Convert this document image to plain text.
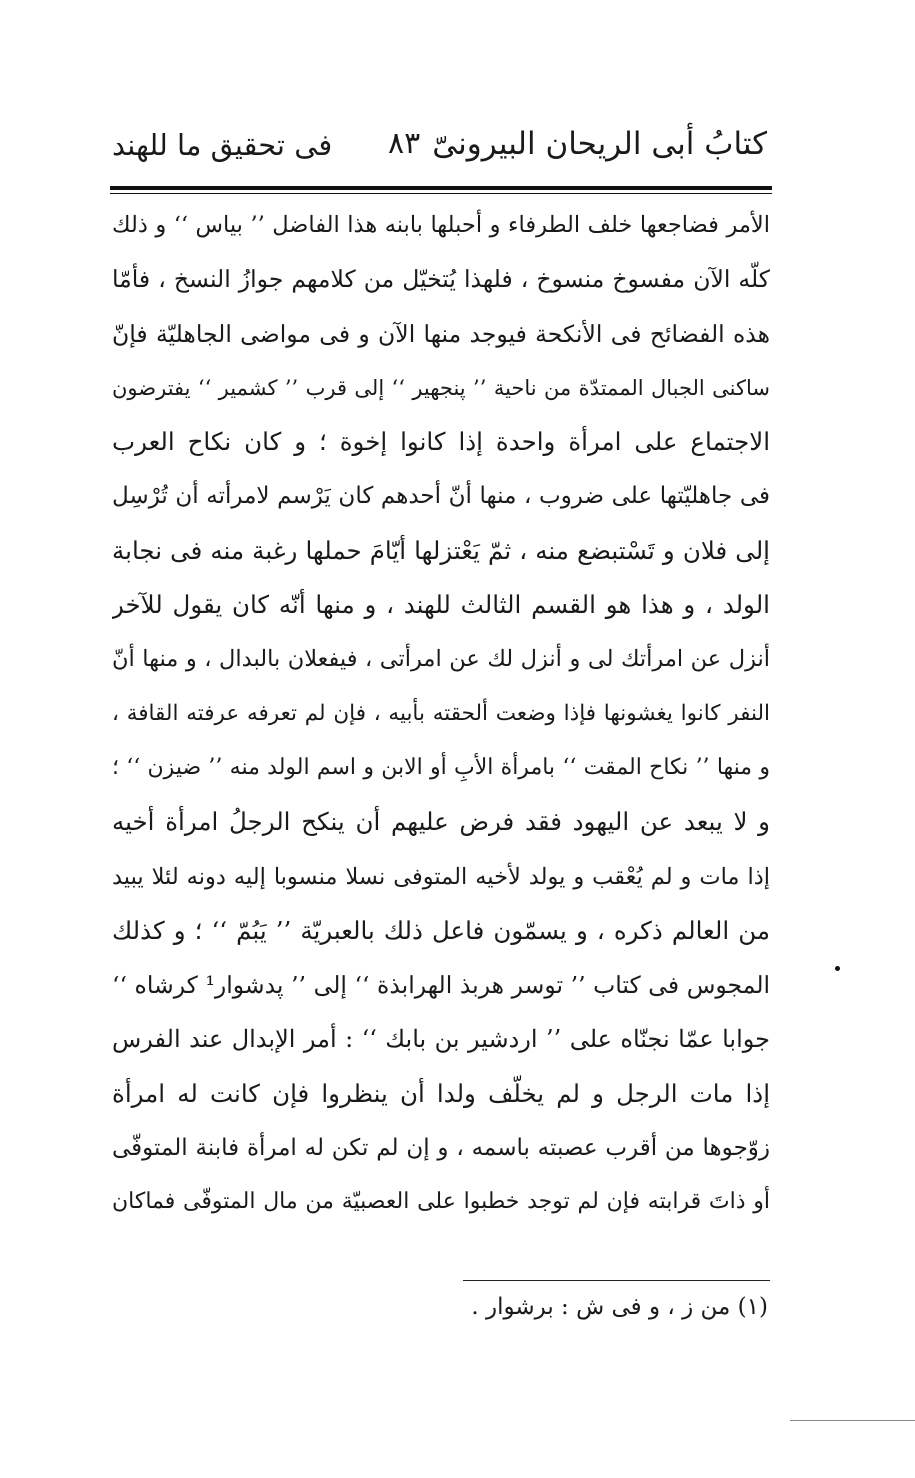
كتابُ أبى الريحان البيرونىّ
٨٣
فى تحقيق ما للهند
الأمر فضاجعها خلف الطرفاء و أحبلها بابنه هذا الفاضل ’’ بياس ‘‘ و ذلك
كلّه الآن مفسوخ منسوخ ، فلهذا يُتخيّل من كلامهم جوازُ النسخ ، فأمّا
هذه الفضائح فى الأنكحة فيوجد منها الآن و فى مواضى الجاهليّة فإنّ
ساكنى الجبال الممتدّة من ناحية ’’ پنجهير ‘‘ إلى قرب ’’ كشمير ‘‘ يفترضون
الاجتماع على امرأة واحدة إذا كانوا إخوة ؛ و كان نكاح العرب
فى جاهليّتها على ضروب ، منها أنّ أحدهم كان يَرْسم لامرأته أن تُرْسِل
إلى فلان و تَسْتبضع منه ، ثمّ يَعْتزلها أيّامَ حملها رغبة منه فى نجابة
الولد ، و هذا هو القسم الثالث للهند ، و منها أنّه كان يقول للآخر
أنزل عن امرأتك لى و أنزل لك عن امرأتى ، فيفعلان بالبدال ، و منها أنّ
النفر كانوا يغشونها فإذا وضعت ألحقته بأبيه ، فإن لم تعرفه عرفته القافة ،
و منها ’’ نكاح المقت ‘‘ بامرأة الأبِ أو الابن و اسم الولد منه ’’ ضيزن ‘‘ ؛
و لا يبعد عن اليهود فقد فرض عليهم أن ينكح الرجلُ امرأة أخيه
إذا مات و لم يُعْقب و يولد لأخيه المتوفى نسلا منسوبا إليه دونه لئلا يبيد
من العالم ذكره ، و يسمّون فاعل ذلك بالعبريّة ’’ يَبُمّ ‘‘ ؛ و كذلك
المجوس فى كتاب ’’ توسر هربذ الهرابذة ‘‘ إلى ’’ پدشوار¹ كرشاه ‘‘
جوابا عمّا نجنّاه على ’’ اردشير بن بابك ‘‘ : أمر الإبدال عند الفرس
إذا مات الرجل و لم يخلّف ولدا أن ينظروا فإن كانت له امرأة
زوّجوها من أقرب عصبته باسمه ، و إن لم تكن له امرأة فابنة المتوفّى
أو ذاتَ قرابته فإن لم توجد خطبوا على العصبيّة من مال المتوفّى فماكان
(١) من ز ، و فى ش : برشوار .
